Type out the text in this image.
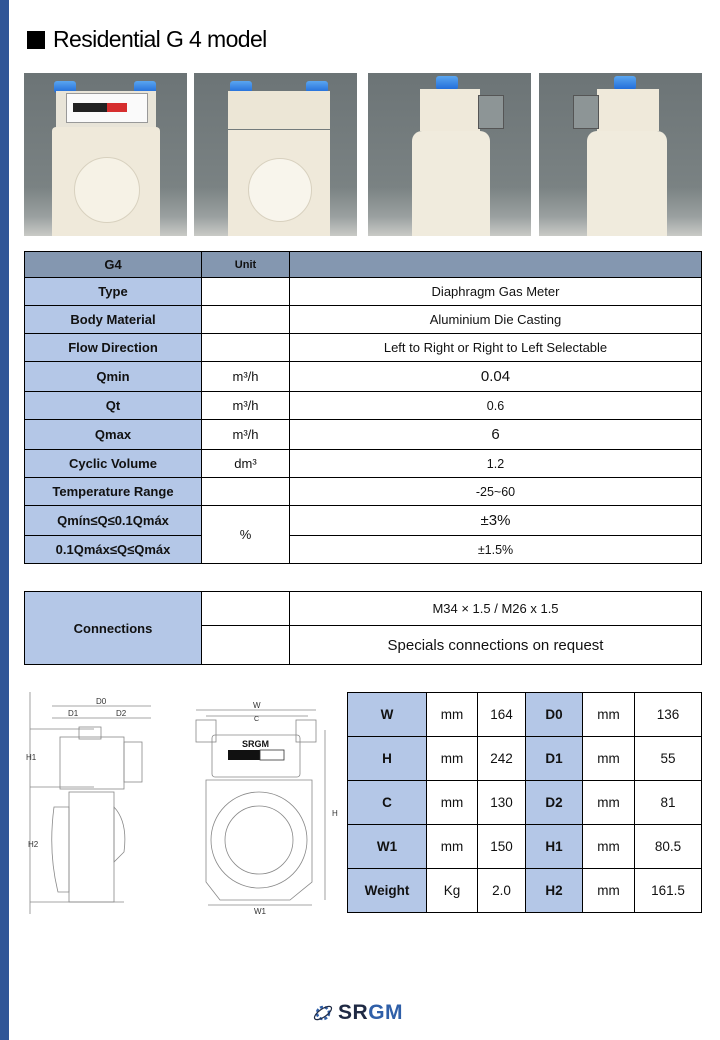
Residential G 4 model
G4	Unit	
Type		Diaphragm Gas Meter
Body Material		Aluminium Die Casting
Flow Direction		Left to Right or Right to Left Selectable
Qmin	m³/h	0.04
Qt	m³/h	0.6
Qmax	m³/h	6
Cyclic Volume	dm³	1.2
Temperature Range		-25~60
Qmín≤Q≤0.1Qmáx	%	±3%
0.1Qmáx≤Q≤Qmáx		±1.5%
Connections		M34 × 1.5 / M26 x 1.5
		Specials connections on request
D0
D1	D2
H1
H2
W
C
H
W1
SRGM
W	mm	164	D0	mm	136
H	mm	242	D1	mm	55
C	mm	130	D2	mm	81
W1	mm	150	H1	mm	80.5
Weight	Kg	2.0	H2	mm	161.5
SR GM
